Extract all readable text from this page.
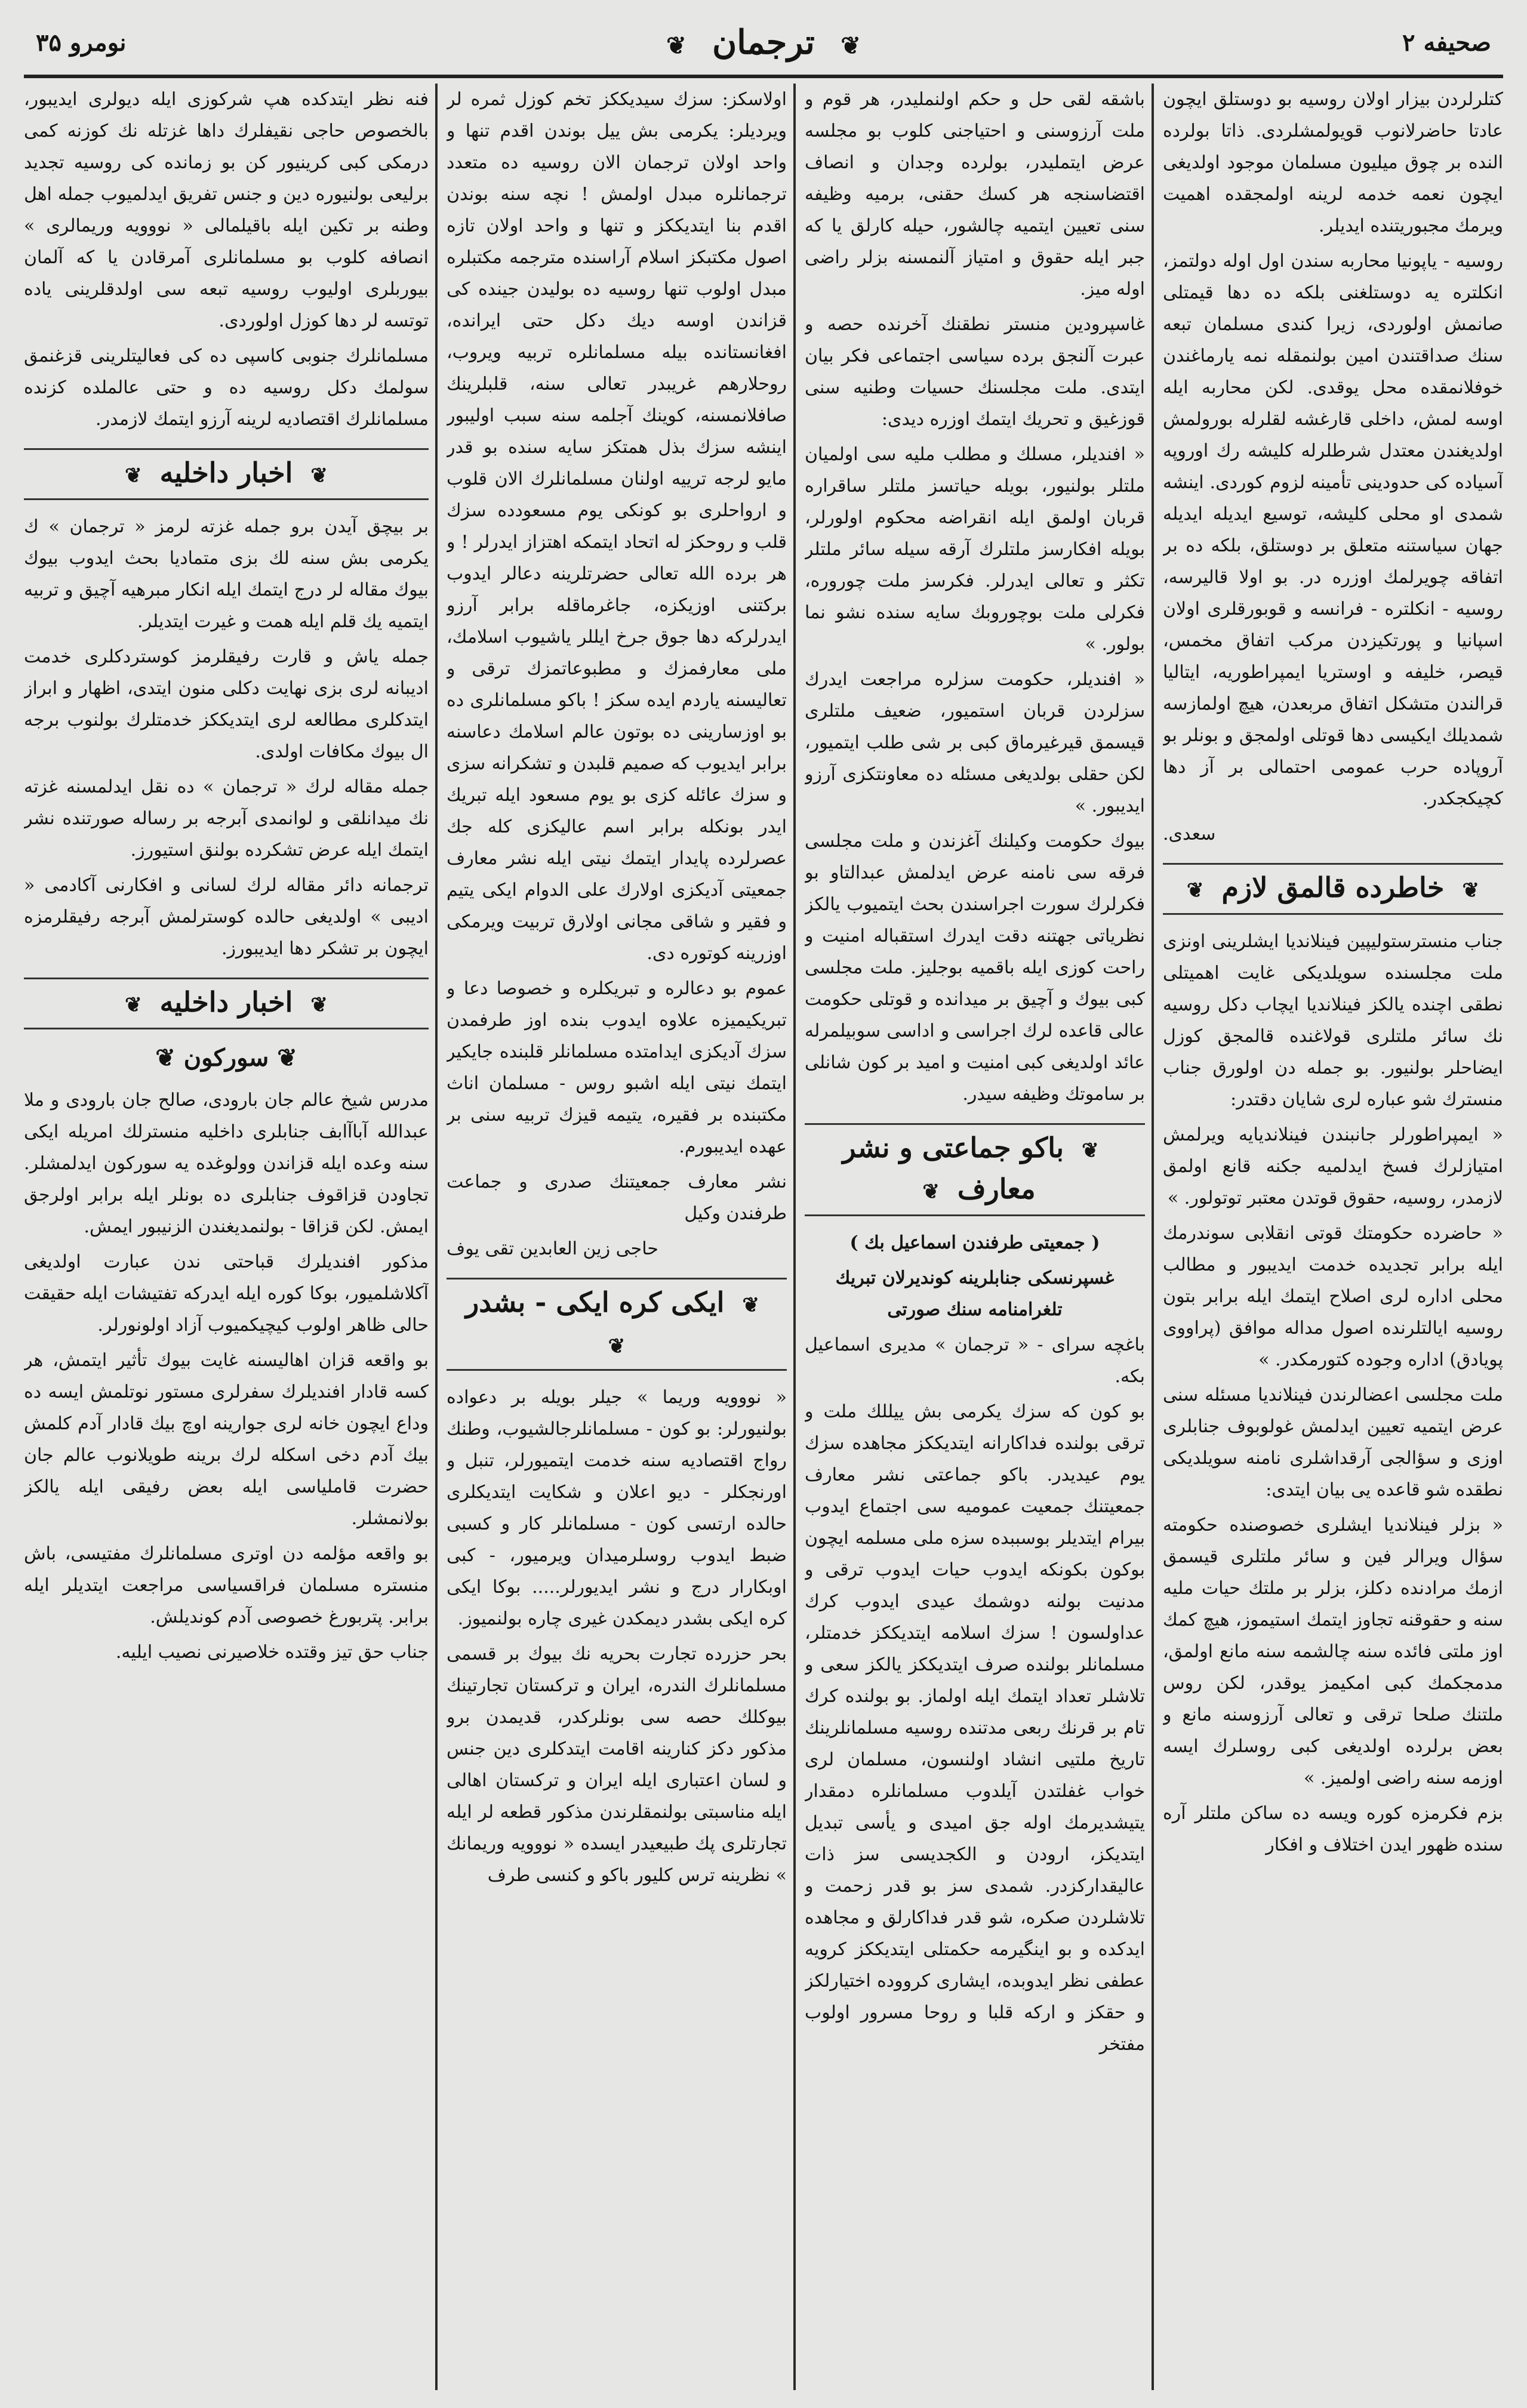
نومرو ۳۵	❦ ترجمان ❦	صحیفه ۲

کتلرلردن بیزار اولان روسیه بو دوستلق ایچون عادتا حاضرلانوب قویولمشلردی. ذاتا بولرده النده بر چوق میلیون مسلمان موجود اولدیغی ایچون نعمه خدمه لرینه اولمجقده اهمیت ویرمك مجبوریتنده ایدیلر.

روسیه - یاپونیا محاربه سندن اول اوله دولتمز، انکلتره یه دوستلغنی بلکه ده دها قیمتلی صانمش اولوردی، زیرا کندی مسلمان تبعه سنك صداقتندن امین بولنمقله نمه یارماغندن خوفلانمقده محل یوقدی. لکن محاربه ایله اوسه لمش، داخلی قارغشه لقلرله بورولمش اولدیغندن معتدل شرطلرله کلیشه رك اوروپه آسیاده کی حدودینی تأمینه لزوم کوردی. اینشه شمدی او محلی کلیشه، توسیع ایدیله ایدیله جهان سیاستنه متعلق بر دوستلق، بلکه ده بر اتفاقه چویرلمك اوزره در. بو اولا قالیرسه، روسیه - انکلتره - فرانسه و قوبورقلری اولان اسپانیا و پورتکیزدن مرکب اتفاق مخمس، قیصر، خلیفه و اوستریا ایمپراطوریه، ایتالیا قرالندن متشکل اتفاق مربعدن، هیچ اولمازسه شمدیلك ایکیسی دها قوتلی اولمجق و بونلر بو آروپاده حرب عمومی احتمالی بر آز دها کچیکجکدر.

سعدی.

❦ خاطرده قالمق لازم ❦

جناب منسترستولیپین فینلاندیا ایشلرینی اونزی ملت مجلسنده سویلدیکی غایت اهمیتلی نطقی اچنده یالکز فینلاندیا ایچاب دکل روسیه نك سائر ملتلری قولاغنده قالمجق کوزل ایضاحلر بولنیور. بو جمله دن اولورق جناب منسترك شو عباره لری شایان دقتدر:

« ایمپراطورلر جانبندن فینلاندیایه ویرلمش امتیازلرك فسخ ایدلمیه جکنه قانع اولمق لازمدر، روسیه، حقوق قوتدن معتبر توتولور. »

« حاضرده حکومتك قوتی انقلابی سوندرمك ایله برابر تجدیده خدمت ایدیبور و مطالب محلی اداره لری اصلاح ایتمك ایله برابر بتون روسیه ایالتلرنده اصول مداله موافق (پراووی پویادق) اداره وجوده کتورمکدر. »

ملت مجلسی اعضالرندن فینلاندیا مسئله سنی عرض ایتمیه تعیین ایدلمش غولوبوف جنابلری اوزی و سؤالجی آرقداشلری نامنه سویلدیکی نطقده شو قاعده یی بیان ایتدی:

« بزلر فینلاندیا ایشلری خصوصنده حکومته سؤال ویرالر فین و سائر ملتلری قیسمق ازمك مرادنده دکلز، بزلر بر ملتك حیات ملیه سنه و حقوقنه تجاوز ایتمك استیموز، هیچ کمك اوز ملتی فائده سنه چالشمه سنه مانع اولمق، مدمجکمك کبی امکیمز یوقدر، لکن روس ملتنك صلحا ترقی و تعالی آرزوسنه مانع و بعض برلرده اولدیغی کبی روسلرك ایسه اوزمه سنه راضی اولمیز. »

بزم فکرمزه کوره ویسه ده ساکن ملتلر آره سنده ظهور ایدن اختلاف و افکار

باشقه لقی حل و حکم اولنملیدر، هر قوم و ملت آرزوسنی و احتیاجنی کلوب بو مجلسه عرض ایتملیدر، بولرده وجدان و انصاف اقتضاسنجه هر کسك حقنی، برمیه وظیفه سنی تعیین ایتمیه چالشور، حیله کارلق یا که جبر ایله حقوق و امتیاز آلنمسنه بزلر راضی اوله میز.

غاسپرودین منستر نطقنك آخرنده حصه و عبرت آلنجق برده سیاسی اجتماعی فکر بیان ایتدی. ملت مجلسنك حسیات وطنیه سنی قوزغیق و تحریك ایتمك اوزره دیدی:

« افندیلر، مسلك و مطلب ملیه سی اولمیان ملتلر بولنیور، بویله حیاتسز ملتلر ساقراره قربان اولمق ایله انقراضه محکوم اولورلر، بویله افکارسز ملتلرك آرقه سیله سائر ملتلر تکثر و تعالی ایدرلر. فکرسز ملت چوروره، فکرلی ملت بوچوروبك سایه سنده نشو نما بولور. »

« افندیلر، حکومت سزلره مراجعت ایدرك سزلردن قربان استمیور، ضعیف ملتلری قیسمق قیرغیرماق کبی بر شی طلب ایتمیور، لکن حقلی بولدیغی مسئله ده معاونتکزی آرزو ایدیبور. »

بیوك حکومت وکیلنك آغزندن و ملت مجلسی فرقه سی نامنه عرض ایدلمش عبدالتاو بو فکرلرك سورت اجراسندن بحث ایتمیوب یالکز نظریاتی جهتنه دقت ایدرك استقباله امنیت و راحت کوزی ایله باقمیه بوجلیز. ملت مجلسی کبی بیوك و آچیق بر میدانده و قوتلی حکومت عالی قاعده لرك اجراسی و اداسی سوبیلمرله عائد اولدیغی کبی امنیت و امید بر کون شانلی بر ساموتك وظیفه سیدر.

❦ باکو جماعتی و نشر معارف ❦

( جمعیتی طرفندن اسماعیل بك )

غسپرنسکی جنابلرینه کوندیرلان تبریك تلغرامنامه سنك صورتی

باغچه سرای - « ترجمان » مدیری اسماعیل بکه.

بو کون که سزك یکرمی بش ییللك ملت و ترقی بولنده فداکارانه ایتدیککز مجاهده سزك یوم عیدیدر. باکو جماعتی نشر معارف جمعیتنك جمعیت عمومیه سی اجتماع ایدوب بیرام ایتدیلر بوسببده سزه ملی مسلمه ایچون بوکون بکونکه ایدوب حیات ایدوب ترقی و مدنیت بولنه دوشمك عیدی ایدوب کرك عداولسون ! سزك اسلامه ایتدیککز خدمتلر، مسلمانلر بولنده صرف ایتدیککز یالکز سعی و تلاشلر تعداد ایتمك ایله اولماز. بو بولنده کرك تام بر قرنك ربعی مدتنده روسیه مسلمانلرینك تاریخ ملتیی انشاد اولنسون، مسلمان لری خواب غفلتدن آیلدوب مسلمانلره دمقدار یتیشدیرمك اوله جق امیدی و یأسی تبدیل ایتدیکز، ارودن و الکجدیسی سز ذات عالیقدارکزدر. شمدی سز بو قدر زحمت و تلاشلردن صکره، شو قدر فداکارلق و مجاهده ایدکده و بو اینگیرمه حکمتلی ایتدیککز کرویه عطفی نظر ایدوبده، ایشاری کرووده اختیارلکز و حقکز و ارکه قلبا و روحا مسرور اولوب مفتخر

اولاسکز: سزك سیدیککز تخم کوزل ثمره لر ویردیلر: یکرمی بش ییل بوندن اقدم تنها و واحد اولان ترجمان الان روسیه ده متعدد ترجمانلره مبدل اولمش ! نچه سنه بوندن اقدم بنا ایتدیککز و تنها و واحد اولان تازه اصول مکتبکز اسلام آراسنده مترجمه مکتبلره مبدل اولوب تنها روسیه ده بولیدن جینده کی قزاندن اوسه دیك دکل حتی ایرانده، افغانستانده بیله مسلمانلره تربیه ویروب، روحلارهم غریبدر تعالی سنه، قلبلرینك صافلانمسنه، کوینك آجلمه سنه سبب اولیبور اینشه سزك بذل همتکز سایه سنده بو قدر مایو لرجه ترییه اولنان مسلمانلرك الان قلوب و ارواحلری بو کونکی یوم مسعودده سزك قلب و روحکز له اتحاد ایتمکه اهتزاز ایدرلر ! و هر برده الله تعالی حضرتلرینه دعالر ایدوب برکتنی اوزیکزه، جاغرماقله برابر آرزو ایدرلرکه دها جوق جرخ ایللر یاشیوب اسلامك، ملی معارفمزك و مطبوعاتمزك ترقی و تعالیسنه یاردم ایده سکز ! باکو مسلمانلری ده بو اوزسارینی ده بوتون عالم اسلامك دعاسنه برابر ایدیوب که صمیم قلبدن و تشکرانه سزی و سزك عائله کزی بو یوم مسعود ایله تبریك ایدر بونکله برابر اسم عالیکزی کله جك عصرلرده پایدار ایتمك نیتی ایله نشر معارف جمعیتی آدیکزی اولارك علی الدوام ایکی یتیم و فقیر و شاقی مجانی اولارق تربیت ویرمکی اوزرینه کوتوره دی.

عموم بو دعالره و تبریکلره و خصوصا دعا و تبریکیمیزه علاوه ایدوب بنده اوز طرفمدن سزك آدیکزی ایدامتده مسلمانلر قلبنده جایکیر ایتمك نیتی ایله اشبو روس - مسلمان اناث مکتبنده بر فقیره، یتیمه قیزك تربیه سنی بر عهده ایدیبورم.

نشر معارف جمعیتنك صدری و جماعت طرفندن وکیل

حاجی زین العابدین تقی یوف

❦ ایکی کره ایکی - بشدر ❦

« نووویه وریما » جیلر بویله بر دعواده بولنیورلر: بو کون - مسلمانلرجالشیوب، وطنك رواج اقتصادیه سنه خدمت ایتمیورلر، تنبل و اورنجکلر - دیو اعلان و شکایت ایتدیکلری حالده ارتسی کون - مسلمانلر کار و کسبی ضبط ایدوب روسلرمیدان ویرمیور، - کبی اوبکارار درج و نشر ایدیورلر..... بوکا ایکی کره ایکی بشدر دیمکدن غیری چاره بولنمیوز.

بحر حزرده تجارت بحریه نك بیوك بر قسمی مسلمانلرك الندره، ایران و ترکستان تجارتینك بیوکلك حصه سی بونلرکدر، قدیمدن برو مذکور دکز کنارینه اقامت ایتدکلری دین جنس و لسان اعتباری ایله ایران و ترکستان اهالی ایله مناسبتی بولنمقلرندن مذکور قطعه لر ایله تجارتلری پك طبیعیدر ایسده « نووویه وریمانك » نظرینه ترس کلیور باکو و کنسی طرف

فنه نظر ایتدکده هپ شرکوزی ایله دیولری ایدیبور، بالخصوص حاجی نقیفلرك داها غزتله نك کوزنه کمی درمکی کبی کرینیور کن بو زمانده کی روسیه تجدید برلیعی بولنیوره دین و جنس تفریق ایدلمیوب جمله اهل وطنه بر تکین ایله باقیلمالی « نووویه وریمالری » انصافه کلوب بو مسلمانلری آمرقادن یا که آلمان بیوربلری اولیوب روسیه تبعه سی اولدقلرینی یاده توتسه لر دها کوزل اولوردی.

مسلمانلرك جنوبی کاسپی ده کی فعالیتلرینی قزغنمق سولمك دکل روسیه ده و حتی عالملده کزنده مسلمانلرك اقتصادیه لرینه آرزو ایتمك لازمدر.

❦ اخبار داخلیه ❦

بر بیچق آیدن برو جمله غزته لرمز « ترجمان » ك یکرمی بش سنه لك بزی متمادیا بحث ایدوب بیوك بیوك مقاله لر درج ایتمك ایله انکار مبرهیه آچیق و تربیه ایتمیه یك قلم ایله همت و غیرت ایتدیلر.

جمله یاش و قارت رفیقلرمز کوستردکلری خدمت ادیبانه لری بزی نهایت دکلی منون ایتدی، اظهار و ابراز ایتدکلری مطالعه لری ایتدیککز خدمتلرك بولنوب برجه ال بیوك مکافات اولدی.

جمله مقاله لرك « ترجمان » ده نقل ایدلمسنه غزته نك میدانلقی و لوانمدی آبرجه بر رساله صورتنده نشر ایتمك ایله عرض تشکرده بولنق استیورز.

ترجمانه دائر مقاله لرك لسانی و افکارنی آکادمی « ادیبی » اولدیغی حالده کوسترلمش آبرجه رفیقلرمزه ایچون بر تشکر دها ایدیبورز.

❦ اخبار داخلیه ❦
❦ سورکون ❦

مدرس شیخ عالم جان بارودی، صالح جان بارودی و ملا عبدالله آباآابف جنابلری داخلیه منسترلك امریله ایکی سنه وعده ایله قزاندن وولوغده یه سورکون ایدلمشلر. تجاودن قزاقوف جنابلری ده بونلر ایله برابر اولرجق ایمش. لکن قزاقا - بولنمدیغندن الزنیبور ایمش.

مذکور افندیلرك قباحتی ندن عبارت اولدیغی آکلاشلمیور، بوکا کوره ایله ایدرکه تفتیشات ایله حقیقت حالی ظاهر اولوب کیچیکمیوب آزاد اولونورلر.

بو واقعه قزان اهالیسنه غایت بیوك تأثیر ایتمش، هر کسه قادار افندیلرك سفرلری مستور نوتلمش ایسه ده وداع ایچون خانه لری جوارینه اوچ بیك قادار آدم کلمش بیك آدم دخی اسکله لرك برینه طویلانوب عالم جان حضرت قاملیاسی ایله بعض رفیقی ایله یالکز بولانمشلر.

بو واقعه مؤلمه دن اوتری مسلمانلرك مفتیسی، باش منستره مسلمان فراقسیاسی مراجعت ایتدیلر ایله برابر. پتربورغ خصوصی آدم کوندیلش.

جناب حق تیز وقتده خلاصیرنی نصیب ایلیه.
